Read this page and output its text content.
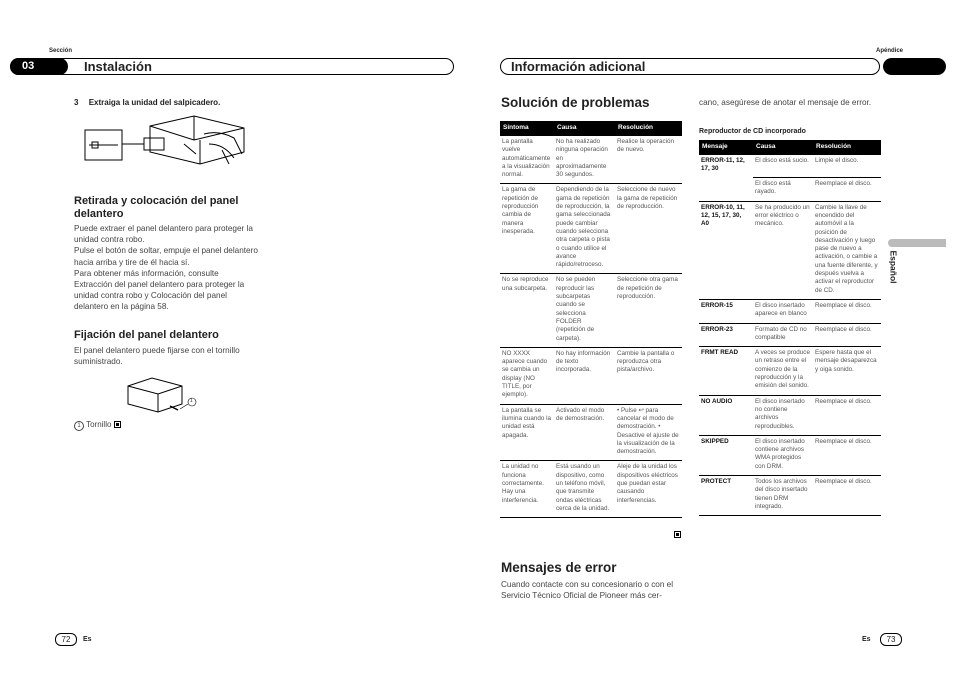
Sección
03	Instalación
3 Extraiga la unidad del salpicadero.
Retirada y colocación del panel delantero
Puede extraer el panel delantero para proteger la unidad contra robo.
Pulse el botón de soltar, empuje el panel delantero hacia arriba y tire de él hacia sí.
Para obtener más información, consulte Extracción del panel delantero para proteger la unidad contra robo y Colocación del panel delantero en la página 58.
Fijación del panel delantero
El panel delantero puede fijarse con el tornillo suministrado.
1
1 Tornillo
72	Es
Apéndice
Información adicional
Español
Solución de problemas
Síntoma	Causa	Resolución
La pantalla vuelve automáticamente a la visualización normal.	No ha realizado ninguna operación en aproximadamente 30 segundos.	Realice la operación de nuevo.
La gama de repetición de reproducción cambia de manera inesperada.	Dependiendo de la gama de repetición de reproducción, la gama seleccionada puede cambiar cuando selecciona otra carpeta o pista o cuando utilice el avance rápido/retroceso.	Seleccione de nuevo la gama de repetición de reproducción.
No se reproduce una subcarpeta.	No se pueden reproducir las subcarpetas cuando se selecciona FOLDER (repetición de carpeta).	Seleccione otra gama de repetición de reproducción.
NO XXXX aparece cuando se cambia un display (NO TITLE, por ejemplo).	No hay información de texto incorporada.	Cambie la pantalla o reproduzca otra pista/archivo.
La pantalla se ilumina cuando la unidad está apagada.	Activado el modo de demostración.	• Pulse ↩ para cancelar el modo de demostración. • Desactive el ajuste de la visualización de la demostración.
La unidad no funciona correctamente. Hay una interferencia.	Está usando un dispositivo, como un teléfono móvil, que transmite ondas eléctricas cerca de la unidad.	Aleje de la unidad los dispositivos eléctricos que puedan estar causando interferencias.
Mensajes de error
Cuando contacte con su concesionario o con el Servicio Técnico Oficial de Pioneer más cer-
cano, asegúrese de anotar el mensaje de error.
Reproductor de CD incorporado
Mensaje	Causa	Resolución
ERROR-11, 12, 17, 30	El disco está sucio.	Limpie el disco.
	El disco está rayado.	Reemplace el disco.
ERROR-10, 11, 12, 15, 17, 30, A0	Se ha producido un error eléctrico o mecánico.	Cambie la llave de encendido del automóvil a la posición de desactivación y luego pase de nuevo a activación, o cambie a una fuente diferente, y después vuelva a activar el reproductor de CD.
ERROR-15	El disco insertado aparece en blanco	Reemplace el disco.
ERROR-23	Formato de CD no compatible	Reemplace el disco.
FRMT READ	A veces se produce un retraso entre el comienzo de la reproducción y la emisión del sonido.	Espere hasta que el mensaje desaparezca y oiga sonido.
NO AUDIO	El disco insertado no contiene archivos reproducibles.	Reemplace el disco.
SKIPPED	El disco insertado contiene archivos WMA protegidos con DRM.	Reemplace el disco.
PROTECT	Todos los archivos del disco insertado tienen DRM integrado.	Reemplace el disco.
Es	73
